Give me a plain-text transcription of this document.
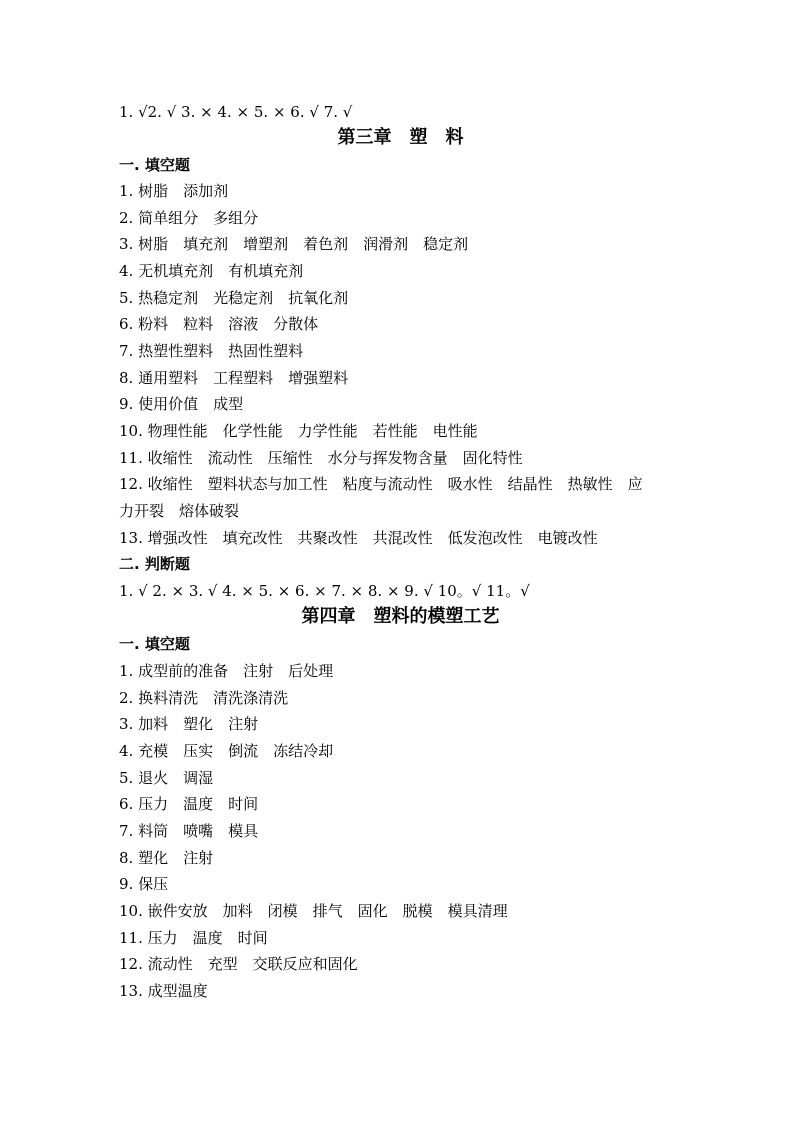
1. √2. √ 3. × 4. × 5. × 6. √ 7. √
第三章　塑　料
一. 填空题
1. 树脂　添加剂
2. 简单组分　多组分
3. 树脂　填充剂　增塑剂　着色剂　润滑剂　稳定剂
4. 无机填充剂　有机填充剂
5. 热稳定剂　光稳定剂　抗氧化剂
6. 粉料　粒料　溶液　分散体
7. 热塑性塑料　热固性塑料
8. 通用塑料　工程塑料　增强塑料
9. 使用价值　成型
10. 物理性能　化学性能　力学性能　若性能　电性能
11. 收缩性　流动性　压缩性　水分与挥发物含量　固化特性
12. 收缩性　塑料状态与加工性　粘度与流动性　吸水性　结晶性　热敏性　应
力开裂　熔体破裂
13. 增强改性　填充改性　共聚改性　共混改性　低发泡改性　电镀改性
二. 判断题
1. √ 2. × 3. √ 4. × 5. × 6. × 7. × 8. × 9. √ 10。√ 11。√
第四章　塑料的模塑工艺
一. 填空题
1. 成型前的准备　注射　后处理
2. 换料清洗　清洗涤清洗
3. 加料　塑化　注射
4. 充模　压实　倒流　冻结冷却
5. 退火　调湿
6. 压力　温度　时间
7. 料筒　喷嘴　模具
8. 塑化　注射
9. 保压
10. 嵌件安放　加料　闭模　排气　固化　脱模　模具清理
11. 压力　温度　时间
12. 流动性　充型　交联反应和固化
13. 成型温度
